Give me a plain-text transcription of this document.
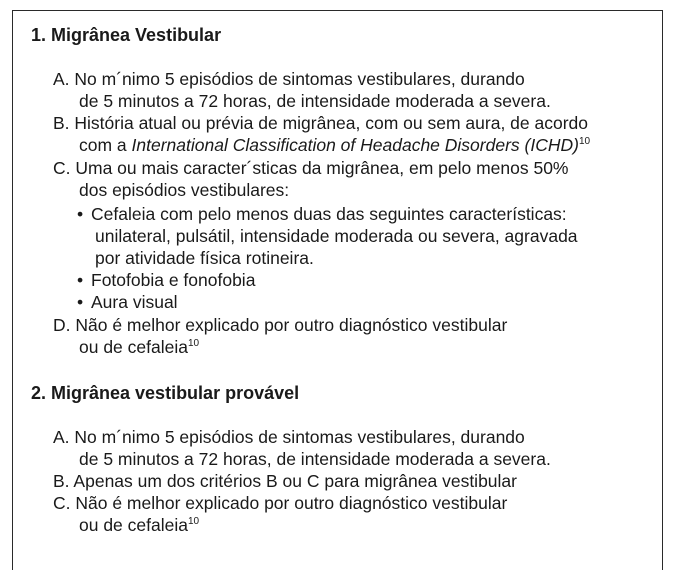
1. Migrânea Vestibular
A. No m´nimo 5 episódios de sintomas vestibulares, durando
de 5 minutos a 72 horas, de intensidade moderada a severa.
B. História atual ou prévia de migrânea, com ou sem aura, de acordo
com a International Classification of Headache Disorders (ICHD)$^{10}$
C. Uma ou mais caracter´sticas da migrânea, em pelo menos 50%
dos episódios vestibulares:
• Cefaleia com pelo menos duas das seguintes características:
unilateral, pulsátil, intensidade moderada ou severa, agravada
por atividade física rotineira.
• Fotofobia e fonofobia
• Aura visual
D. Não é melhor explicado por outro diagnóstico vestibular
ou de cefaleia$^{10}$
2. Migrânea vestibular provável
A. No m´nimo 5 episódios de sintomas vestibulares, durando
de 5 minutos a 72 horas, de intensidade moderada a severa.
B. Apenas um dos critérios B ou C para migrânea vestibular
C. Não é melhor explicado por outro diagnóstico vestibular
ou de cefaleia$^{10}$
